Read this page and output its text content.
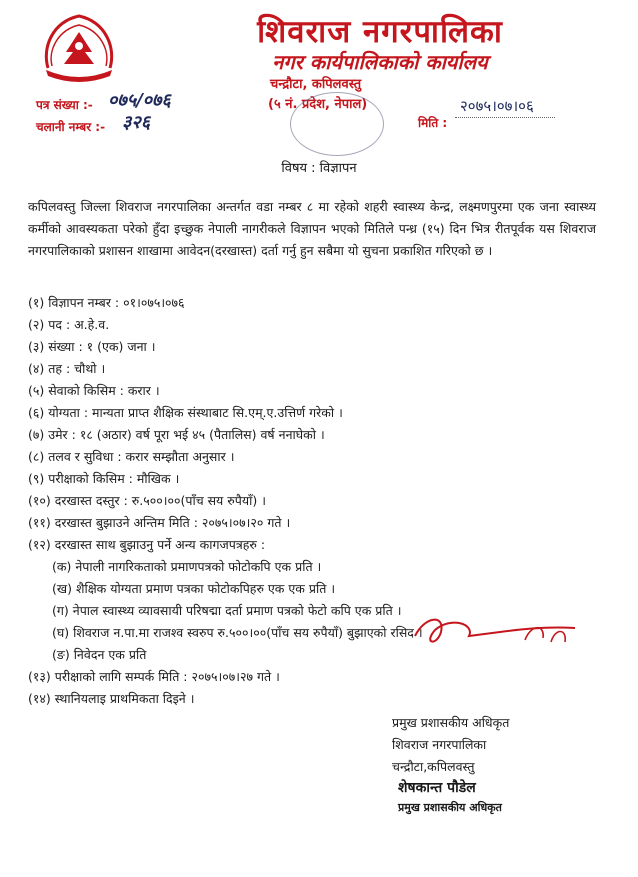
शिवराज नगरपालिका
नगर कार्यपालिकाको कार्यालय
चन्द्रौटा, कपिलवस्तु
(५ नं. प्रदेश, नेपाल)
पत्र संख्या :- ०७५/०७६
चलानी नम्बर :- ३२६
२०७५।०७।०६
मिति :
विषय : विज्ञापन
कपिलवस्तु जिल्ला शिवराज नगरपालिका अन्तर्गत वडा नम्बर ८ मा रहेको शहरी स्वास्थ्य केन्द्र, लक्ष्मणपुरमा एक जना स्वास्थ्य कर्मीको आवस्यकता परेको हुँदा इच्छुक नेपाली नागरीकले विज्ञापन भएको मितिले पन्ध्र (१५) दिन भित्र रीतपूर्वक यस शिवराज नगरपालिकाको प्रशासन शाखामा आवेदन(दरखास्त) दर्ता गर्नु हुन सबैमा यो सुचना प्रकाशित गरिएको छ ।
(१) विज्ञापन नम्बर : ०१।०७५।०७६
(२) पद : अ.हे.व.
(३) संख्या : १ (एक) जना ।
(४) तह : चौथो ।
(५) सेवाको किसिम : करार ।
(६) योग्यता : मान्यता प्राप्त शैक्षिक संस्थाबाट सि.एम्.ए.उत्तिर्ण गरेको ।
(७) उमेर : १८ (अठार) वर्ष पूरा भई ४५ (पैतालिस) वर्ष ननाघेको ।
(८) तलव र सुविधा : करार सम्झौता अनुसार ।
(९) परीक्षाको किसिम : मौखिक ।
(१०) दरखास्त दस्तुर : रु.५००।००(पाँच सय रुपैयाँ) ।
(११) दरखास्त बुझाउने अन्तिम मिति : २०७५।०७।२० गते ।
(१२) दरखास्त साथ बुझाउनु पर्ने अन्य कागजपत्रहरु :
(क) नेपाली नागरिकताको प्रमाणपत्रको फोटोकपि एक प्रति ।
(ख) शैक्षिक योग्यता प्रमाण पत्रका फोटोकपिहरु एक एक प्रति ।
(ग) नेपाल स्वास्थ्य व्यावसायी परिषद्मा दर्ता प्रमाण पत्रको फेटो कपि एक प्रति ।
(घ) शिवराज न.पा.मा राजश्व स्वरुप रु.५००।००(पाँच सय रुपैयाँ) बुझाएको रसिद ।
(ङ) निवेदन एक प्रति
(१३) परीक्षाको लागि सम्पर्क मिति : २०७५।०७।२७ गते ।
(१४) स्थानियलाइ प्राथमिकता दिइने ।
प्रमुख प्रशासकीय अधिकृत
शिवराज नगरपालिका
चन्द्रौटा,कपिलवस्तु
शेषकान्त पौडेल
प्रमुख प्रशासकीय अधिकृत
